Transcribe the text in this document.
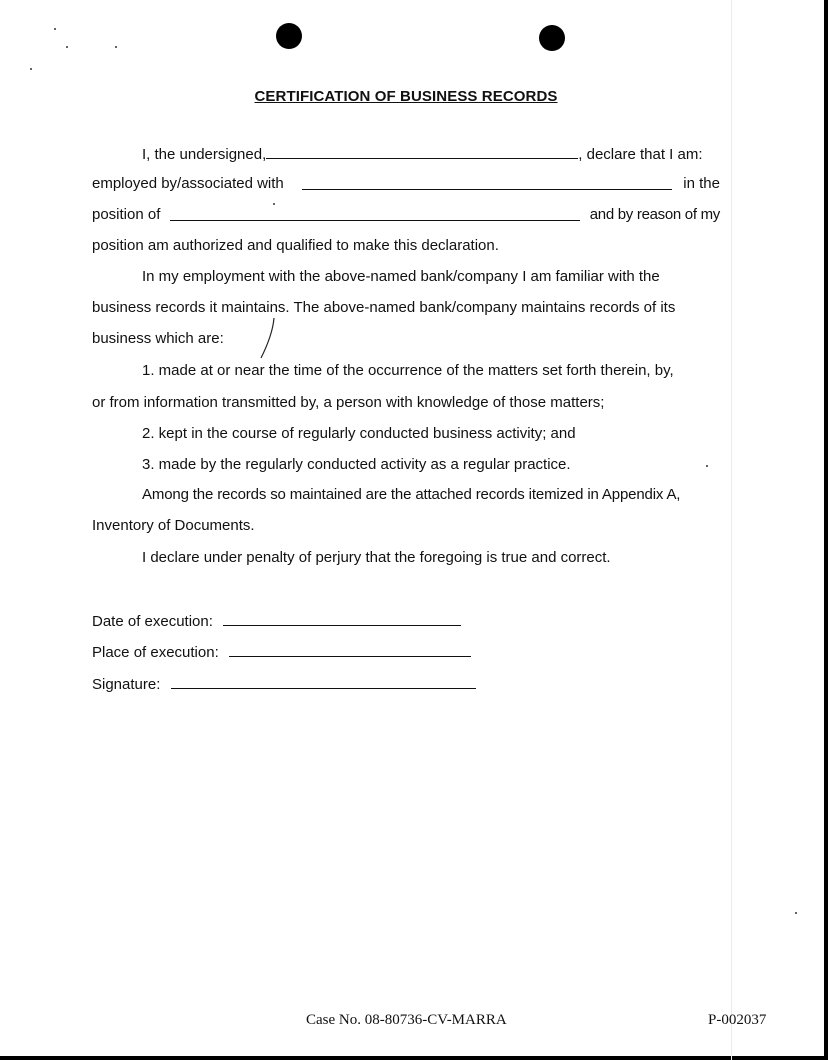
CERTIFICATION OF BUSINESS RECORDS
I, the undersigned,	, declare that I am:
employed by/associated with	in the
position of	and by reason of my
position am authorized and qualified to make this declaration.
In my employment with the above-named bank/company I am familiar with the
business records it maintains. The above-named bank/company maintains records of its
business which are:
1. made at or near the time of the occurrence of the matters set forth therein, by,
or from information transmitted by, a person with knowledge of those matters;
2. kept in the course of regularly conducted business activity; and
3. made by the regularly conducted activity as a regular practice.
Among the records so maintained are the attached records itemized in Appendix A,
Inventory of Documents.
I declare under penalty of perjury that the foregoing is true and correct.
Date of execution:
Place of execution:
Signature:
Case No. 08-80736-CV-MARRA	P-002037
